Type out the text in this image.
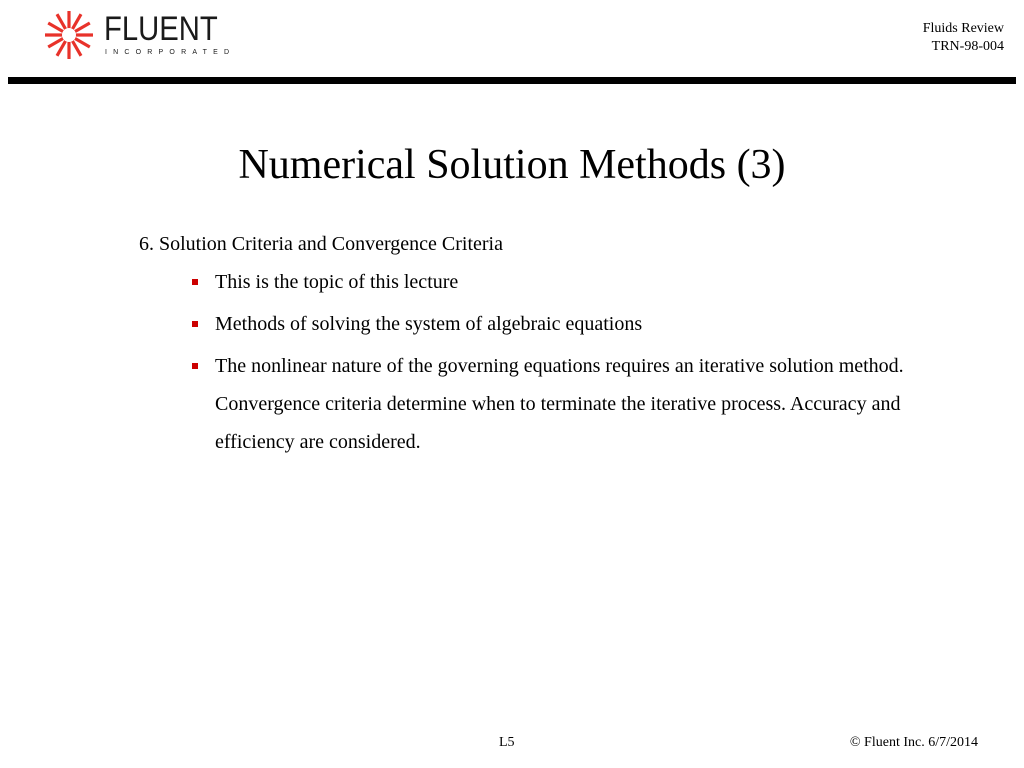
FLUENT
INCORPORATED
Fluids Review
TRN-98-004
Numerical Solution Methods (3)
6. Solution Criteria and Convergence Criteria
This is the topic of this lecture
Methods of solving the system of algebraic equations
The nonlinear nature of the governing equations requires an iterative solution method. Convergence criteria determine when to terminate the iterative process. Accuracy and efficiency are considered.
L5	© Fluent Inc. 6/7/2014
